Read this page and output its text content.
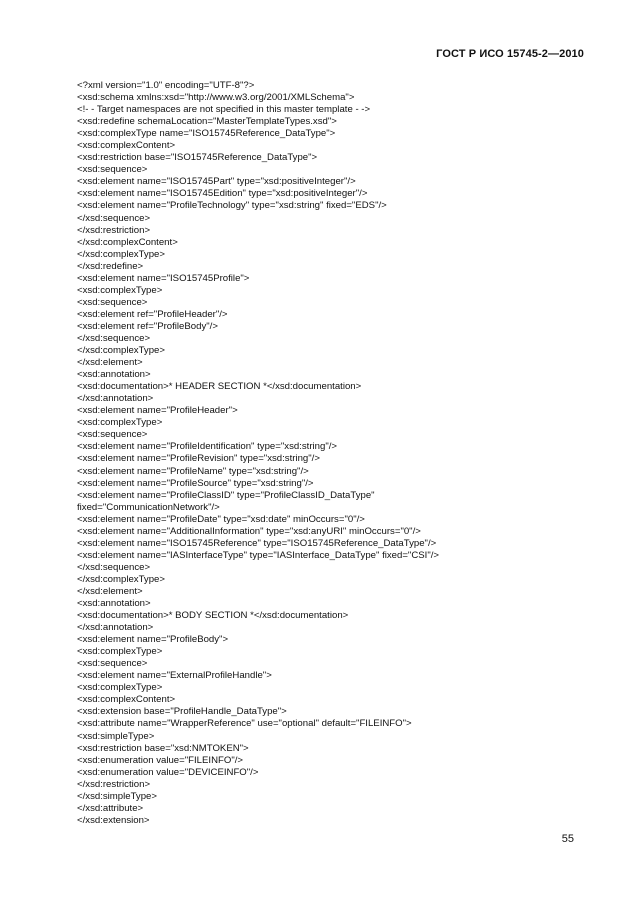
ГОСТ Р ИСО 15745-2—2010
<?xml version="1.0" encoding="UTF-8"?>
<xsd:schema xmlns:xsd="http://www.w3.org/2001/XMLSchema">
<!- - Target namespaces are not specified in this master template - ->
<xsd:redefine schemaLocation="MasterTemplateTypes.xsd">
<xsd:complexType name="ISO15745Reference_DataType">
<xsd:complexContent>
<xsd:restriction base="ISO15745Reference_DataType">
<xsd:sequence>
<xsd:element name="ISO15745Part" type="xsd:positiveInteger"/>
<xsd:element name="ISO15745Edition" type="xsd:positiveInteger"/>
<xsd:element name="ProfileTechnology" type="xsd:string" fixed="EDS"/>
</xsd:sequence>
</xsd:restriction>
</xsd:complexContent>
</xsd:complexType>
</xsd:redefine>
<xsd:element name="ISO15745Profile">
<xsd:complexType>
<xsd:sequence>
<xsd:element ref="ProfileHeader"/>
<xsd:element ref="ProfileBody"/>
</xsd:sequence>
</xsd:complexType>
</xsd:element>
<xsd:annotation>
<xsd:documentation>* HEADER SECTION *</xsd:documentation>
</xsd:annotation>
<xsd:element name="ProfileHeader">
<xsd:complexType>
<xsd:sequence>
<xsd:element name="ProfileIdentification" type="xsd:string"/>
<xsd:element name="ProfileRevision" type="xsd:string"/>
<xsd:element name="ProfileName" type="xsd:string"/>
<xsd:element name="ProfileSource" type="xsd:string"/>
<xsd:element name="ProfileClassID" type="ProfileClassID_DataType"
fixed="CommunicationNetwork"/>
<xsd:element name="ProfileDate" type="xsd:date" minOccurs="0"/>
<xsd:element name="AdditionalInformation" type="xsd:anyURI" minOccurs="0"/>
<xsd:element name="ISO15745Reference" type="ISO15745Reference_DataType"/>
<xsd:element name="IASInterfaceType" type="IASInterface_DataType" fixed="CSI"/>
</xsd:sequence>
</xsd:complexType>
</xsd:element>
<xsd:annotation>
<xsd:documentation>* BODY SECTION *</xsd:documentation>
</xsd:annotation>
<xsd:element name="ProfileBody">
<xsd:complexType>
<xsd:sequence>
<xsd:element name="ExternalProfileHandle">
<xsd:complexType>
<xsd:complexContent>
<xsd:extension base="ProfileHandle_DataType">
<xsd:attribute name="WrapperReference" use="optional" default="FILEINFO">
<xsd:simpleType>
<xsd:restriction base="xsd:NMTOKEN">
<xsd:enumeration value="FILEINFO"/>
<xsd:enumeration value="DEVICEINFO"/>
</xsd:restriction>
</xsd:simpleType>
</xsd:attribute>
</xsd:extension>
55
